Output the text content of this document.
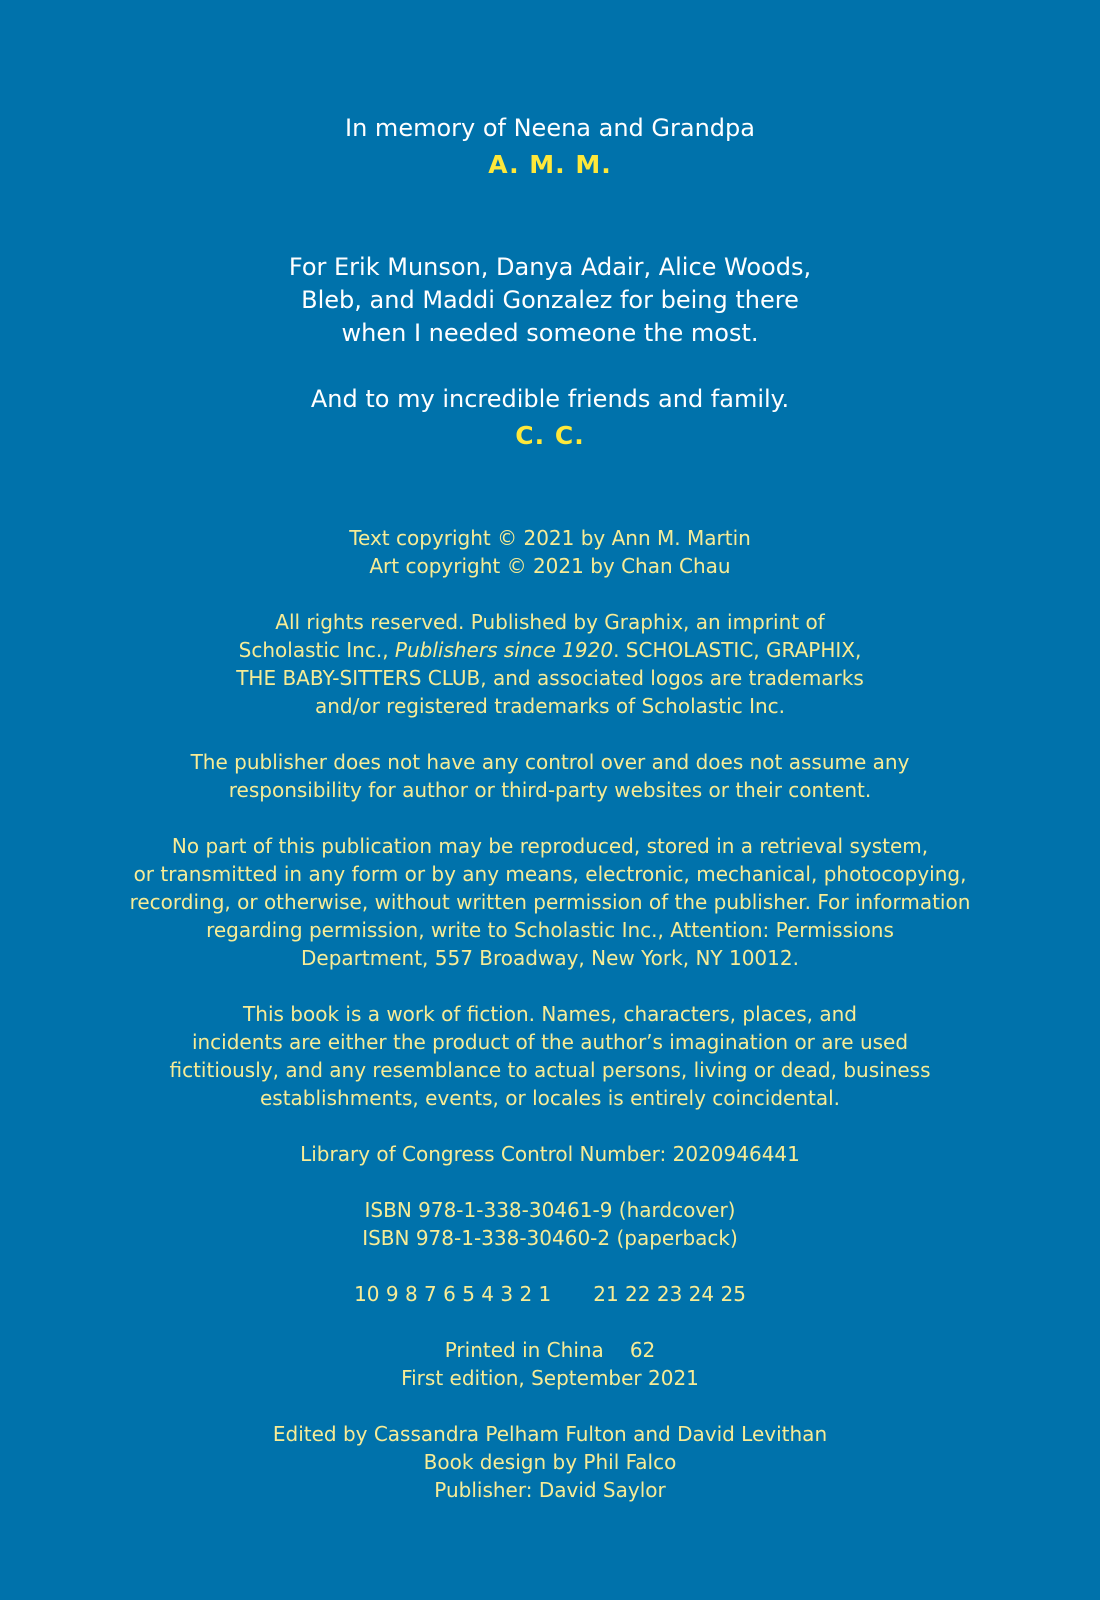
In memory of Neena and Grandpa
A. M. M.
For Erik Munson, Danya Adair, Alice Woods,
Bleb, and Maddi Gonzalez for being there
when I needed someone the most.
And to my incredible friends and family.
C. C.
Text copyright © 2021 by Ann M. Martin
Art copyright © 2021 by Chan Chau
All rights reserved. Published by Graphix, an imprint of
Scholastic Inc., Publishers since 1920. SCHOLASTIC, GRAPHIX,
THE BABY-SITTERS CLUB, and associated logos are trademarks
and/or registered trademarks of Scholastic Inc.
The publisher does not have any control over and does not assume any
responsibility for author or third-party websites or their content.
No part of this publication may be reproduced, stored in a retrieval system,
or transmitted in any form or by any means, electronic, mechanical, photocopying,
recording, or otherwise, without written permission of the publisher. For information
regarding permission, write to Scholastic Inc., Attention: Permissions
Department, 557 Broadway, New York, NY 10012.
This book is a work of fiction. Names, characters, places, and
incidents are either the product of the author’s imagination or are used
fictitiously, and any resemblance to actual persons, living or dead, business
establishments, events, or locales is entirely coincidental.
Library of Congress Control Number: 2020946441
ISBN 978-1-338-30461-9 (hardcover)
ISBN 978-1-338-30460-2 (paperback)
10 9 8 7 6 5 4 3 2 1 21 22 23 24 25
Printed in China 62
First edition, September 2021
Edited by Cassandra Pelham Fulton and David Levithan
Book design by Phil Falco
Publisher: David Saylor
